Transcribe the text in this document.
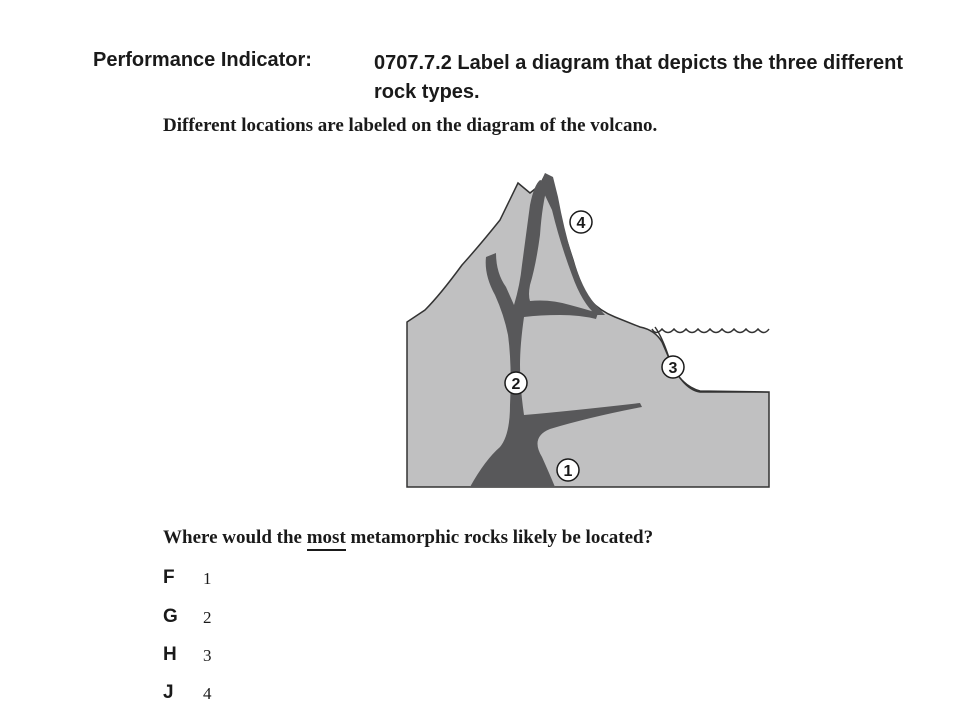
Performance Indicator:	0707.7.2 Label a diagram that depicts the three different rock types.
Different locations are labeled on the diagram of the volcano.
1
2
3
4
Where would the most metamorphic rocks likely be located?
F 1
G 2
H 3
J 4
